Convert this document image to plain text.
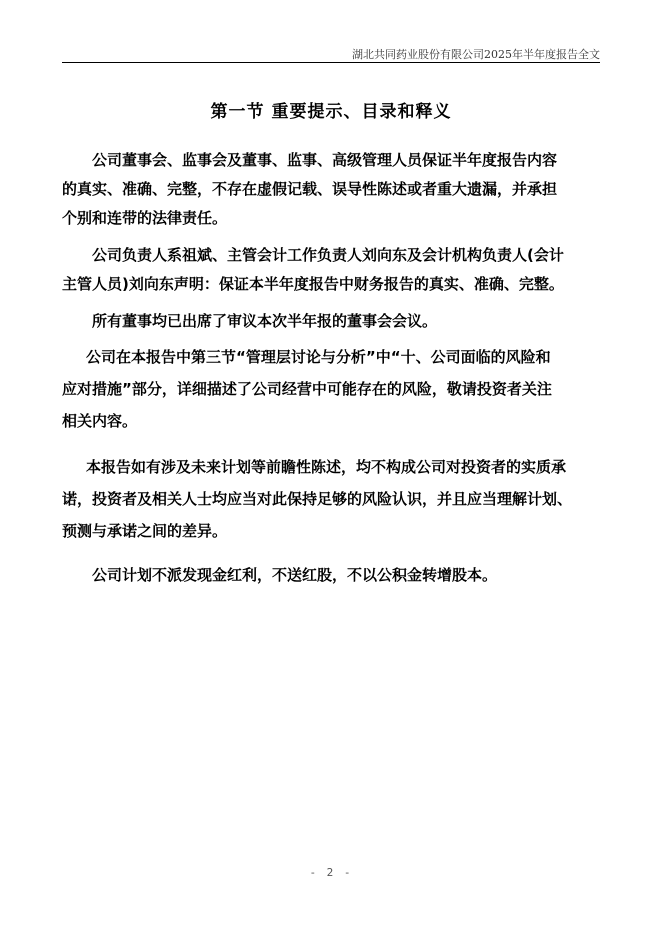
湖北共同药业股份有限公司2025年半年度报告全文
第一节 重要提示、目录和释义
公司董事会、监事会及董事、监事、高级管理人员保证半年度报告内容
的真实、准确、完整，不存在虚假记载、误导性陈述或者重大遗漏，并承担
个别和连带的法律责任。
公司负责人系祖斌、主管会计工作负责人刘向东及会计机构负责人(会计
主管人员)刘向东声明：保证本半年度报告中财务报告的真实、准确、完整。
所有董事均已出席了审议本次半年报的董事会会议。
公司在本报告中第三节“管理层讨论与分析”中“十、公司面临的风险和
应对措施”部分，详细描述了公司经营中可能存在的风险，敬请投资者关注
相关内容。
本报告如有涉及未来计划等前瞻性陈述，均不构成公司对投资者的实质承
诺，投资者及相关人士均应当对此保持足够的风险认识，并且应当理解计划、
预测与承诺之间的差异。
公司计划不派发现金红利，不送红股，不以公积金转增股本。
- 2 -
